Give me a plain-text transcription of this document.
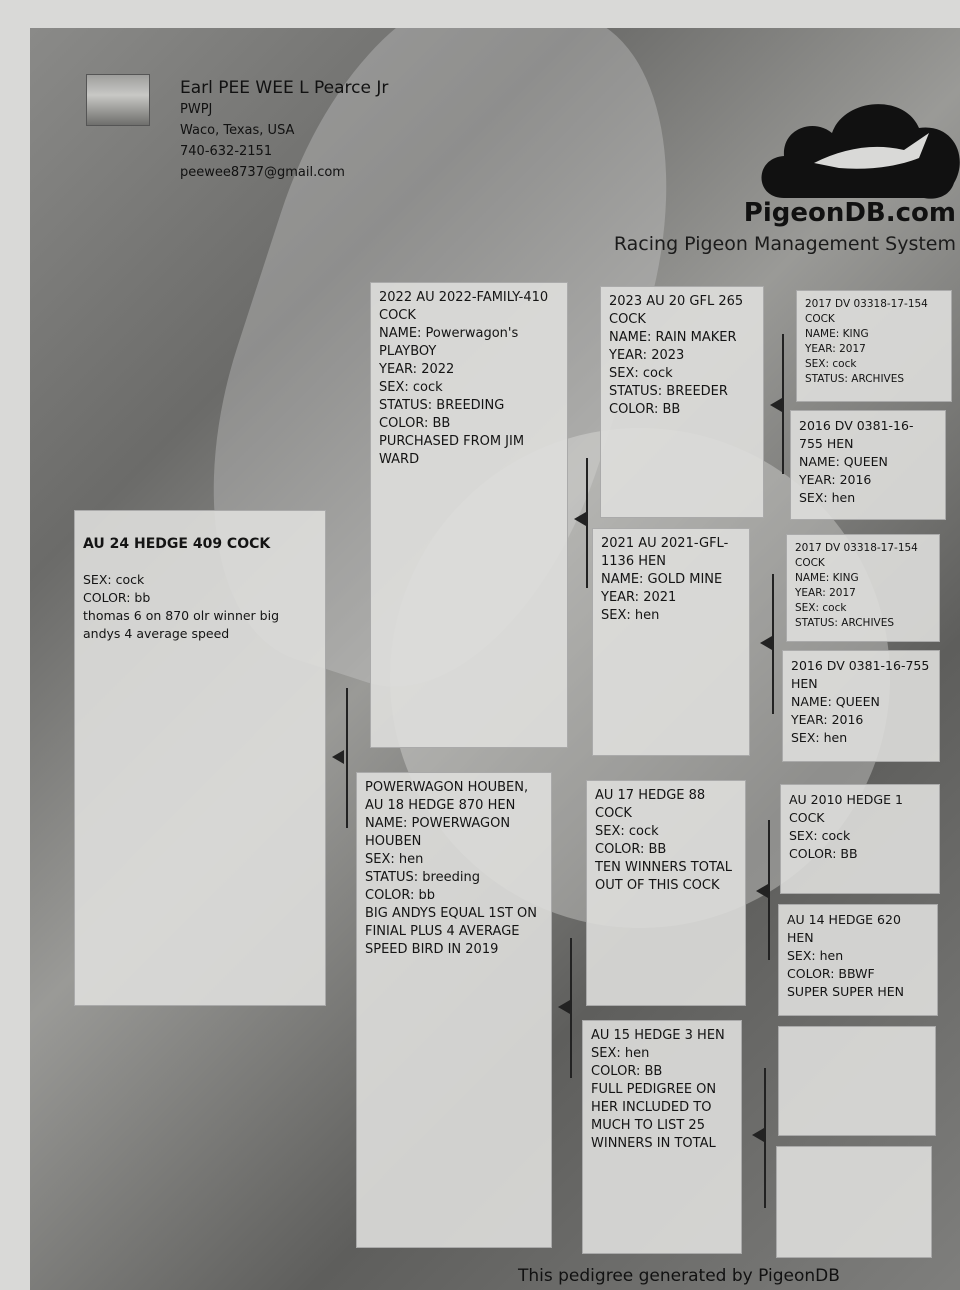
Earl PEE WEE L Pearce Jr
PWPJ
Waco, Texas, USA
740-632-2151
peewee8737@gmail.com
PigeonDB.com
Racing Pigeon Management System

AU 24 HEDGE 409 COCK

SEX: cock
COLOR: bb
thomas 6 on 870 olr winner big andys 4 average speed

2022 AU 2022-FAMILY-410 COCK
NAME: Powerwagon's PLAYBOY
YEAR: 2022
SEX: cock
STATUS: BREEDING
COLOR: BB
PURCHASED FROM JIM WARD
POWERWAGON HOUBEN, AU 18 HEDGE 870 HEN
NAME: POWERWAGON HOUBEN
SEX: hen
STATUS: breeding
COLOR: bb
BIG ANDYS EQUAL 1ST ON FINIAL PLUS 4 AVERAGE SPEED BIRD IN 2019
2023 AU 20 GFL 265 COCK
NAME: RAIN MAKER
YEAR: 2023
SEX: cock
STATUS: BREEDER
COLOR: BB
2021 AU 2021-GFL-1136 HEN
NAME: GOLD MINE
YEAR: 2021
SEX: hen
AU 17 HEDGE 88 COCK
SEX: cock
COLOR: BB
TEN WINNERS TOTAL OUT OF THIS COCK
AU 15 HEDGE 3 HEN
SEX: hen
COLOR: BB
FULL PEDIGREE ON HER INCLUDED TO MUCH TO LIST 25 WINNERS IN TOTAL
2017 DV 03318-17-154 COCK
NAME: KING
YEAR: 2017
SEX: cock
STATUS: ARCHIVES
2016 DV 0381-16-755 HEN
NAME: QUEEN
YEAR: 2016
SEX: hen
2017 DV 03318-17-154 COCK
NAME: KING
YEAR: 2017
SEX: cock
STATUS: ARCHIVES
2016 DV 0381-16-755 HEN
NAME: QUEEN
YEAR: 2016
SEX: hen
AU 2010 HEDGE 1 COCK
SEX: cock
COLOR: BB
AU 14 HEDGE 620 HEN
SEX: hen
COLOR: BBWF
SUPER SUPER HEN
This pedigree generated by PigeonDB
